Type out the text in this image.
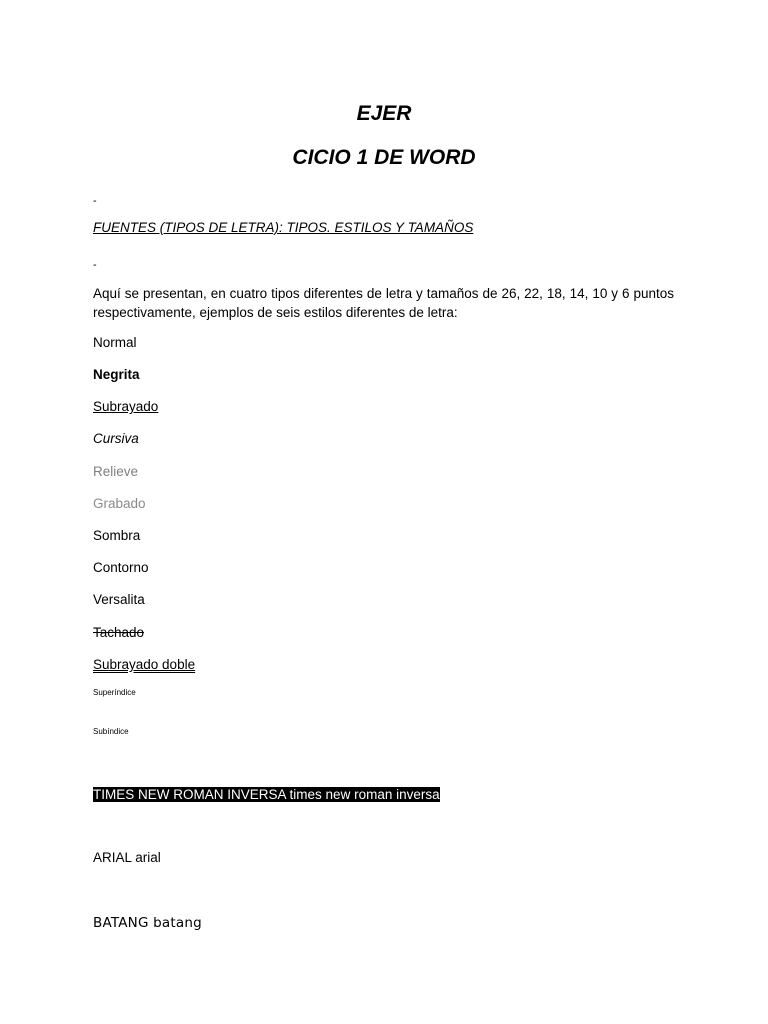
EJER
CICIO 1 DE WORD
-

FUENTES (TIPOS DE LETRA): TIPOS. ESTILOS Y TAMAÑOS

-

Aquí se presentan, en cuatro tipos diferentes de letra y tamaños de 26, 22, 18, 14, 10 y 6 puntos respectivamente, ejemplos de seis estilos diferentes de letra:

Normal

Negrita

Subrayado

Cursiva

Relieve

Grabado

Sombra

Contorno

Versalita

Tachado

Subrayado doble

Superíndice

Subíndice

TIMES NEW ROMAN INVERSA times new roman inversa

ARIAL arial

BATANG batang
